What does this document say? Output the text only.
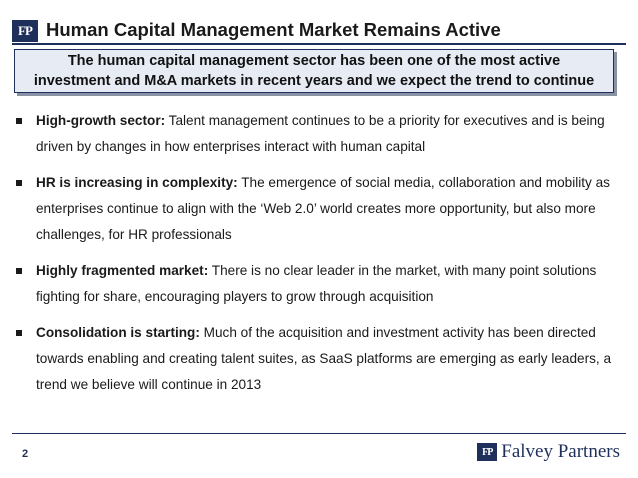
FP Human Capital Management Market Remains Active
The human capital management sector has been one of the most active
investment and M&A markets in recent years and we expect the trend to continue
High-growth sector: Talent management continues to be a priority for executives and is being driven by changes in how enterprises interact with human capital
HR is increasing in complexity: The emergence of social media, collaboration and mobility as enterprises continue to align with the ‘Web 2.0’ world creates more opportunity, but also more challenges, for HR professionals
Highly fragmented market: There is no clear leader in the market, with many point solutions fighting for share, encouraging players to grow through acquisition
Consolidation is starting: Much of the acquisition and investment activity has been directed towards enabling and creating talent suites, as SaaS platforms are emerging as early leaders, a trend we believe will continue in 2013
2	FP Falvey Partners
